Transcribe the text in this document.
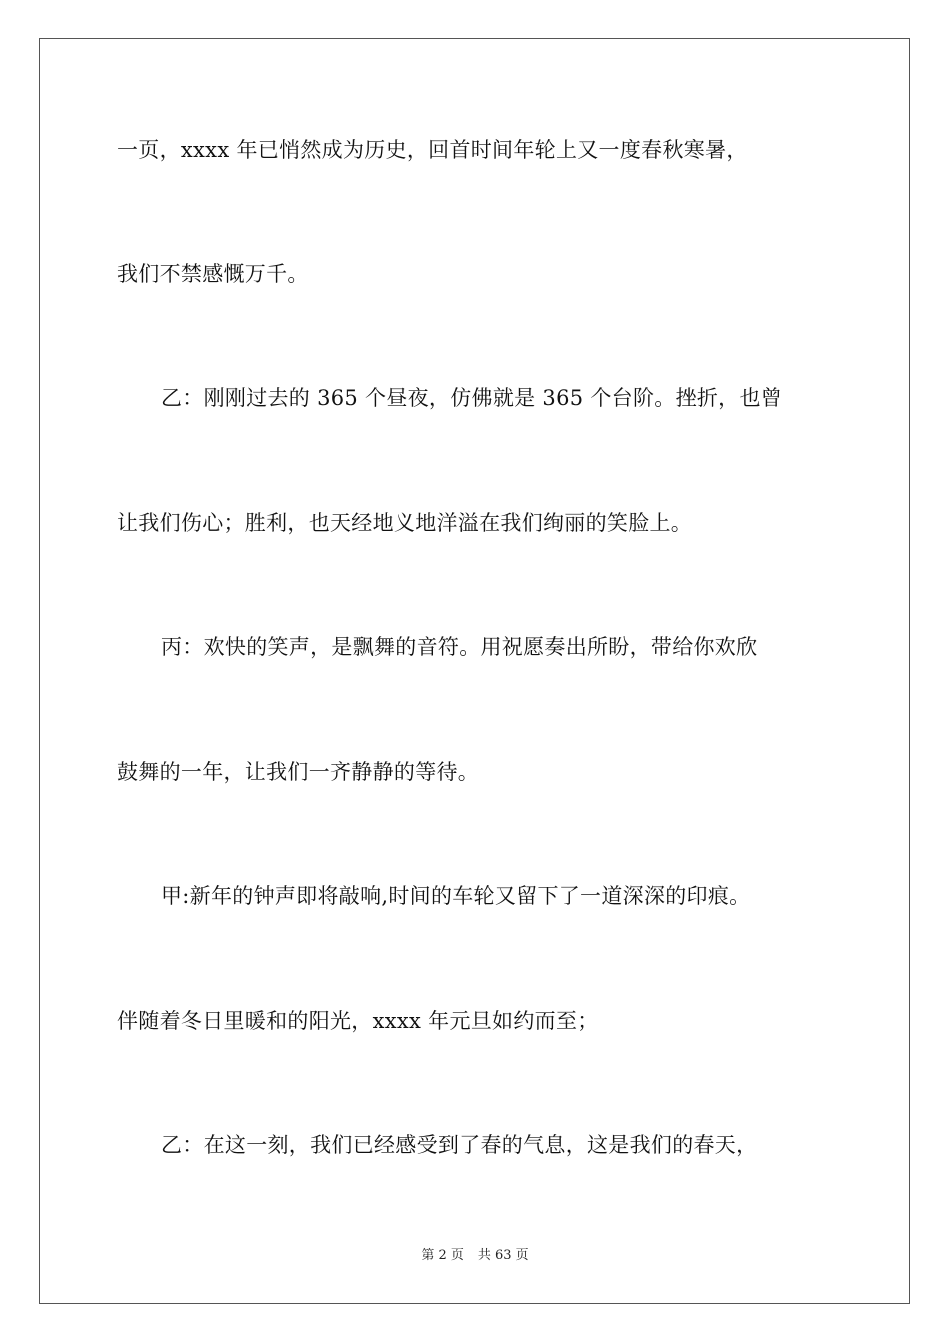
一页，xxxx 年已悄然成为历史，回首时间年轮上又一度春秋寒暑，
我们不禁感慨万千。
乙：刚刚过去的 365 个昼夜，仿佛就是 365 个台阶。挫折，也曾
让我们伤心；胜利，也天经地义地洋溢在我们绚丽的笑脸上。
丙：欢快的笑声，是飘舞的音符。用祝愿奏出所盼，带给你欢欣
鼓舞的一年，让我们一齐静静的等待。
甲:新年的钟声即将敲响,时间的车轮又留下了一道深深的印痕。
伴随着冬日里暖和的阳光，xxxx 年元旦如约而至；
乙：在这一刻，我们已经感受到了春的气息，这是我们的春天，
第 2 页 共 63 页
